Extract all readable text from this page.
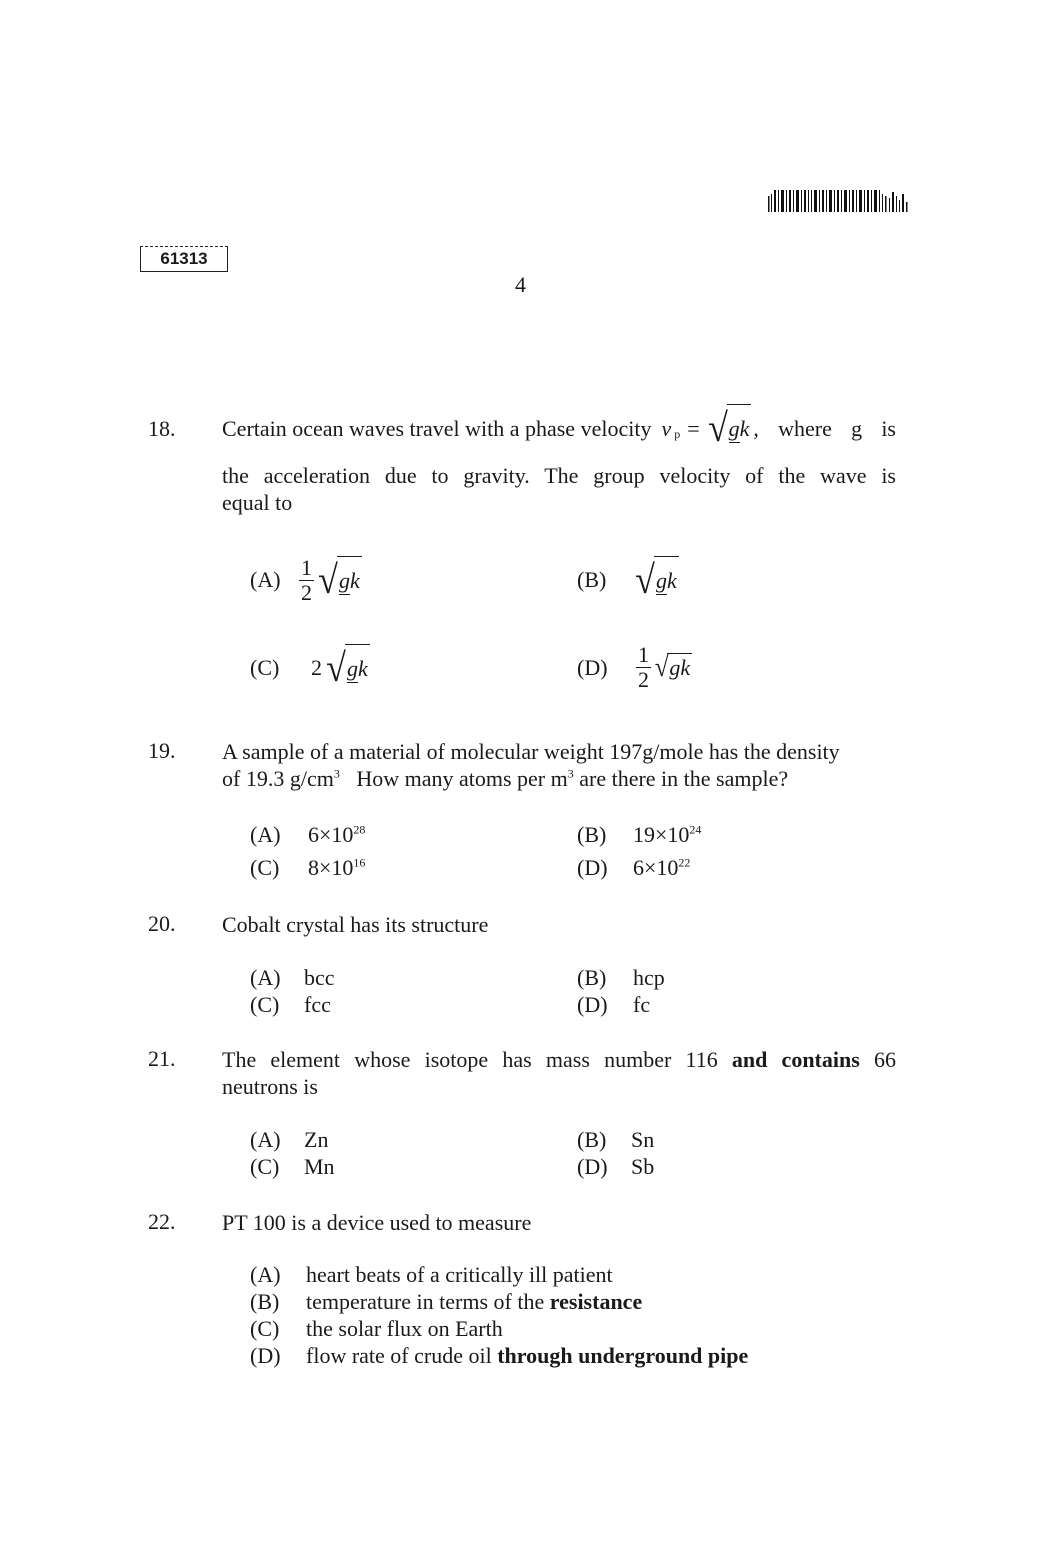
61313
4
18. Certain ocean waves travel with a phase velocity v p = √ gk , where g is
the acceleration due to gravity. The group velocity of the wave is
equal to
$(A) \frac{1}{2}$ √ gk	(B) √ gk
(C)	2 √ gk	(D)	$\frac{1}{2}$ √ gk
19. A sample of a material of molecular weight 197g/mole has the density
of 19.3 $g/cm^3$   How many atoms per $m^3$ are there in the sample?
(A) $6\times 10^{28}$	(B) $19\times 10^{24}$
(C) $8\times 10^{16}$	(D) $6\times 10^{22}$
20. Cobalt crystal has its structure
(A) bcc	(B) hcp
(C) fcc	(D) fc
21. The element whose isotope has mass number 116 and contains 66
neutrons is
(A) Zn	(B) Sn
(C) Mn	(D) Sb
22. PT 100 is a device used to measure
(A) heart beats of a critically ill patient
(B) temperature in terms of the resistance
(C) the solar flux on Earth
(D) flow rate of crude oil through underground pipe
